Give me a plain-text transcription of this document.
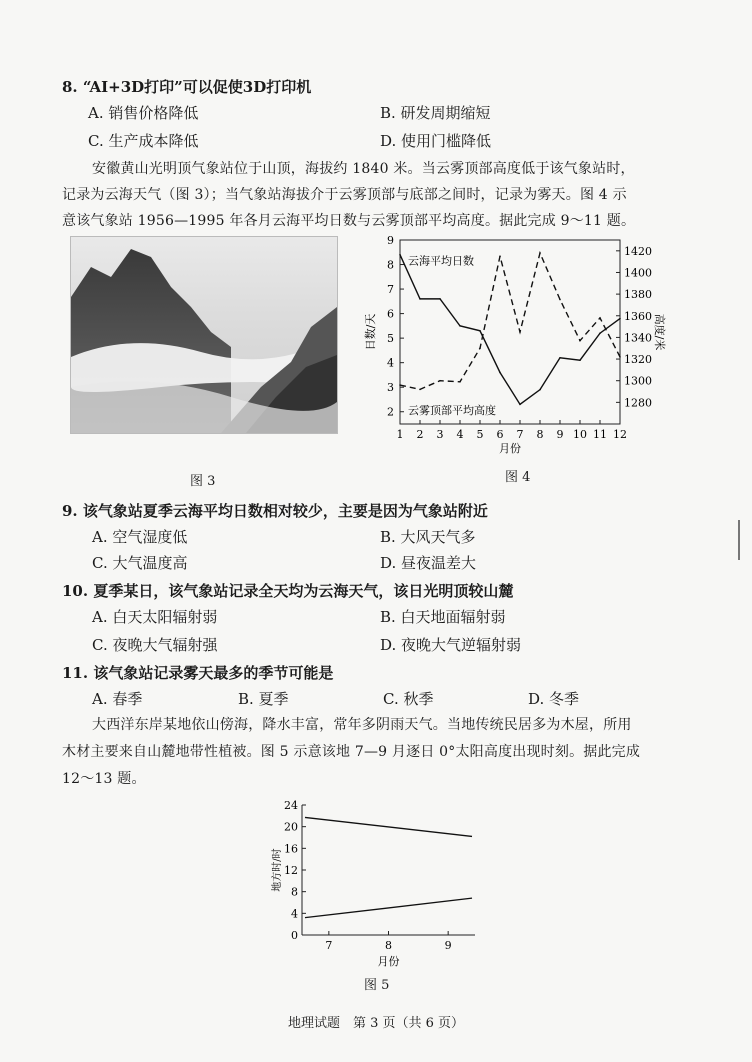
8. “AI+3D打印”可以促使3D打印机
A. 销售价格降低	B. 研发周期缩短
C. 生产成本降低	D. 使用门槛降低
安徽黄山光明顶气象站位于山顶，海拔约 1840 米。当云雾顶部高度低于该气象站时，
记录为云海天气（图 3）；当气象站海拔介于云雾顶部与底部之间时，记录为雾天。图 4 示
意该气象站 1956—1995 年各月云海平均日数与云雾顶部平均高度。据此完成 9～11 题。
图 3
2
3
4
5
6
7
8
9
1280
1300
1320
1340
1360
1380
1400
1420
1 2 3 4 5 6 7 8 9 10 11 12
月份
日数/天	高度/米
云海平均日数
云雾顶部平均高度
图 4
9. 该气象站夏季云海平均日数相对较少，主要是因为气象站附近
A. 空气湿度低	B. 大风天气多
C. 大气温度高	D. 昼夜温差大
10. 夏季某日，该气象站记录全天均为云海天气，该日光明顶较山麓
A. 白天太阳辐射弱	B. 白天地面辐射弱
C. 夜晚大气辐射强	D. 夜晚大气逆辐射弱
11. 该气象站记录雾天最多的季节可能是
A. 春季	B. 夏季	C. 秋季	D. 冬季
大西洋东岸某地依山傍海，降水丰富，常年多阴雨天气。当地传统民居多为木屋，所用
木材主要来自山麓地带性植被。图 5 示意该地 7—9 月逐日 0°太阳高度出现时刻。据此完成
12～13 题。
0
4
8
12
16
20
24
7	8	9
月份
地方时/时
图 5
地理试题　第 3 页（共 6 页）
